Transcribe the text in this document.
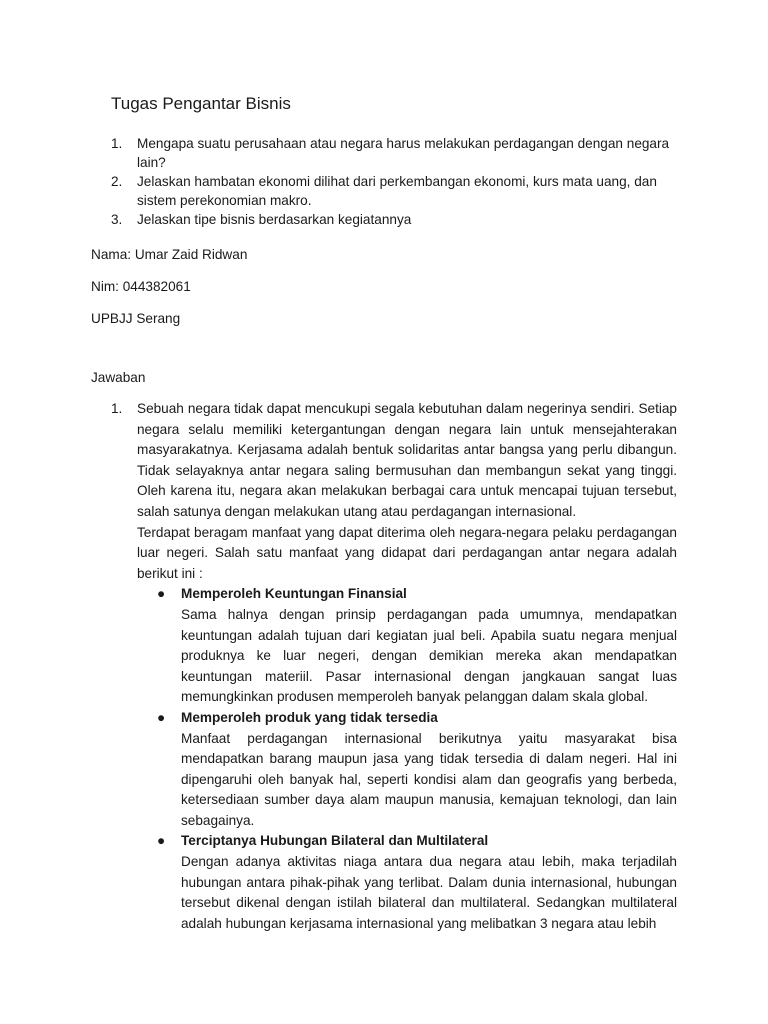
Tugas Pengantar Bisnis
1. Mengapa suatu perusahaan atau negara harus melakukan perdagangan dengan negara lain?
2. Jelaskan hambatan ekonomi dilihat dari perkembangan ekonomi, kurs mata uang, dan sistem perekonomian makro.
3. Jelaskan tipe bisnis berdasarkan kegiatannya
Nama: Umar Zaid Ridwan
Nim: 044382061
UPBJJ Serang
Jawaban
1. Sebuah negara tidak dapat mencukupi segala kebutuhan dalam negerinya sendiri. Setiap negara selalu memiliki ketergantungan dengan negara lain untuk mensejahterakan masyarakatnya. Kerjasama adalah bentuk solidaritas antar bangsa yang perlu dibangun. Tidak selayaknya antar negara saling bermusuhan dan membangun sekat yang tinggi. Oleh karena itu, negara akan melakukan berbagai cara untuk mencapai tujuan tersebut, salah satunya dengan melakukan utang atau perdagangan internasional.
Terdapat beragam manfaat yang dapat diterima oleh negara-negara pelaku perdagangan luar negeri. Salah satu manfaat yang didapat dari perdagangan antar negara adalah berikut ini :
● Memperoleh Keuntungan Finansial
Sama halnya dengan prinsip perdagangan pada umumnya, mendapatkan keuntungan adalah tujuan dari kegiatan jual beli. Apabila suatu negara menjual produknya ke luar negeri, dengan demikian mereka akan mendapatkan keuntungan materiil. Pasar internasional dengan jangkauan sangat luas memungkinkan produsen memperoleh banyak pelanggan dalam skala global.
● Memperoleh produk yang tidak tersedia
Manfaat perdagangan internasional berikutnya yaitu masyarakat bisa mendapatkan barang maupun jasa yang tidak tersedia di dalam negeri. Hal ini dipengaruhi oleh banyak hal, seperti kondisi alam dan geografis yang berbeda, ketersediaan sumber daya alam maupun manusia, kemajuan teknologi, dan lain sebagainya.
● Terciptanya Hubungan Bilateral dan Multilateral
Dengan adanya aktivitas niaga antara dua negara atau lebih, maka terjadilah hubungan antara pihak-pihak yang terlibat. Dalam dunia internasional, hubungan tersebut dikenal dengan istilah bilateral dan multilateral. Sedangkan multilateral adalah hubungan kerjasama internasional yang melibatkan 3 negara atau lebih
